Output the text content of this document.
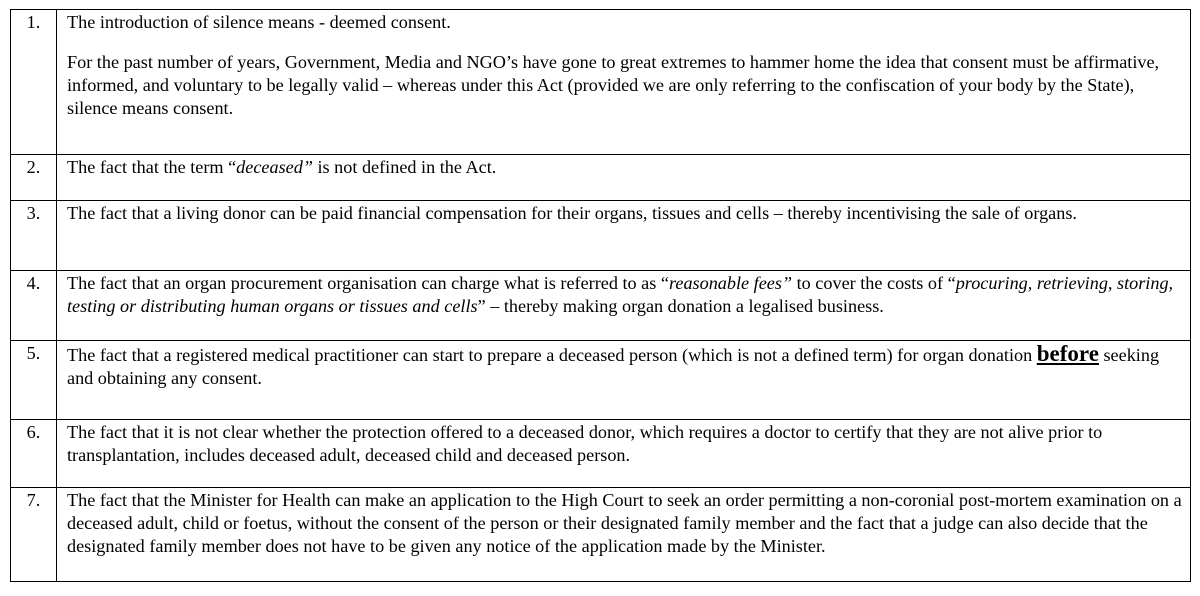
1.	The introduction of silence means - deemed consent.

For the past number of years, Government, Media and NGO’s have gone to great extremes to hammer home the idea that consent must be affirmative, informed, and voluntary to be legally valid – whereas under this Act (provided we are only referring to the confiscation of your body by the State), silence means consent.

2.	The fact that the term “deceased” is not defined in the Act.
3.	The fact that a living donor can be paid financial compensation for their organs, tissues and cells – thereby incentivising the sale of organs.
4.	The fact that an organ procurement organisation can charge what is referred to as “reasonable fees” to cover the costs of “procuring, retrieving, storing, testing or distributing human organs or tissues and cells” – thereby making organ donation a legalised business.
5.	The fact that a registered medical practitioner can start to prepare a deceased person (which is not a defined term) for organ donation before seeking and obtaining any consent.
6.	The fact that it is not clear whether the protection offered to a deceased donor, which requires a doctor to certify that they are not alive prior to transplantation, includes deceased adult, deceased child and deceased person.
7.	The fact that the Minister for Health can make an application to the High Court to seek an order permitting a non-coronial post-mortem examination on a deceased adult, child or foetus, without the consent of the person or their designated family member and the fact that a judge can also decide that the designated family member does not have to be given any notice of the application made by the Minister.
